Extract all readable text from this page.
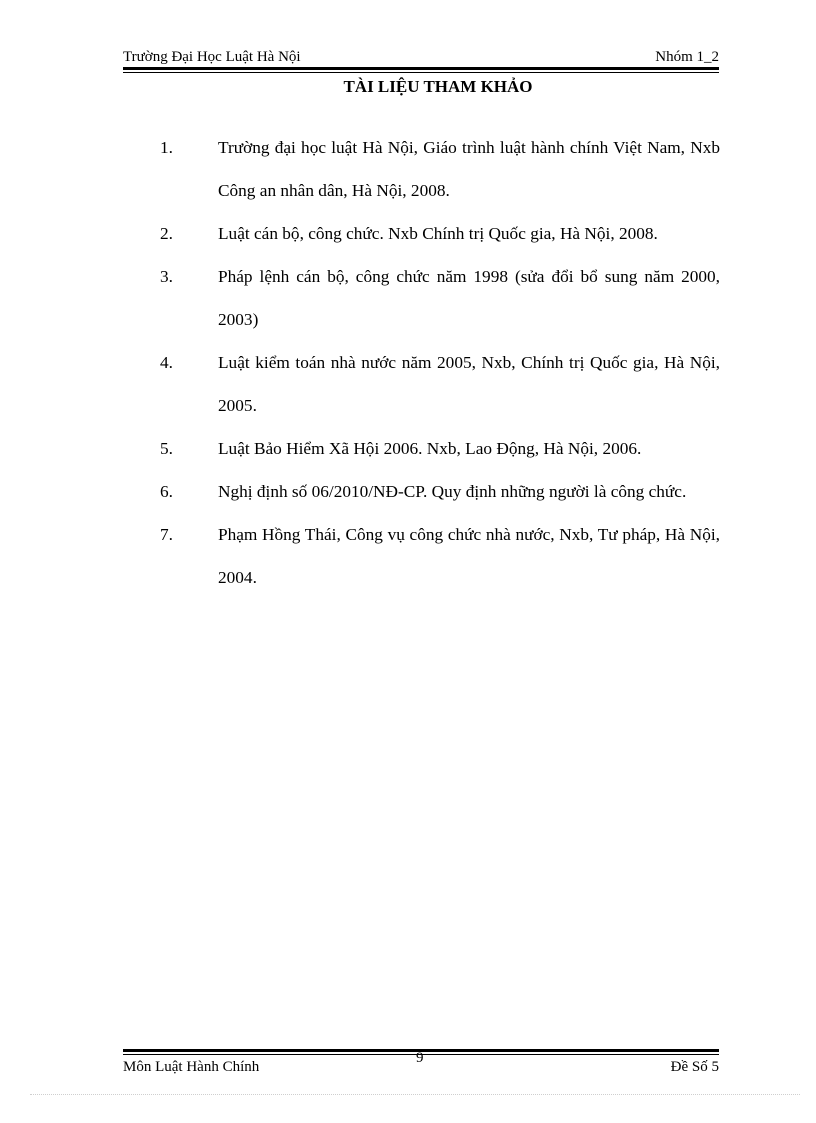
Trường Đại Học Luật Hà Nội	Nhóm 1_2
TÀI LIỆU THAM KHẢO
1.	Trường đại học luật Hà Nội, Giáo trình luật hành chính Việt Nam, Nxb Công an nhân dân, Hà Nội, 2008.
2.	Luật cán bộ, công chức. Nxb Chính trị Quốc gia, Hà Nội, 2008.
3.	Pháp lệnh cán bộ, công chức năm 1998 (sửa đổi bổ sung năm 2000, 2003)
4.	Luật kiểm toán nhà nước năm 2005, Nxb, Chính trị Quốc gia, Hà Nội, 2005.
5.	Luật Bảo Hiểm Xã Hội 2006. Nxb, Lao Động, Hà Nội, 2006.
6.	Nghị định số 06/2010/NĐ-CP. Quy định những người là công chức.
7.	Phạm Hồng Thái, Công vụ công chức nhà nước, Nxb, Tư pháp, Hà Nội, 2004.
9
Môn Luật Hành Chính	Đề Số 5
